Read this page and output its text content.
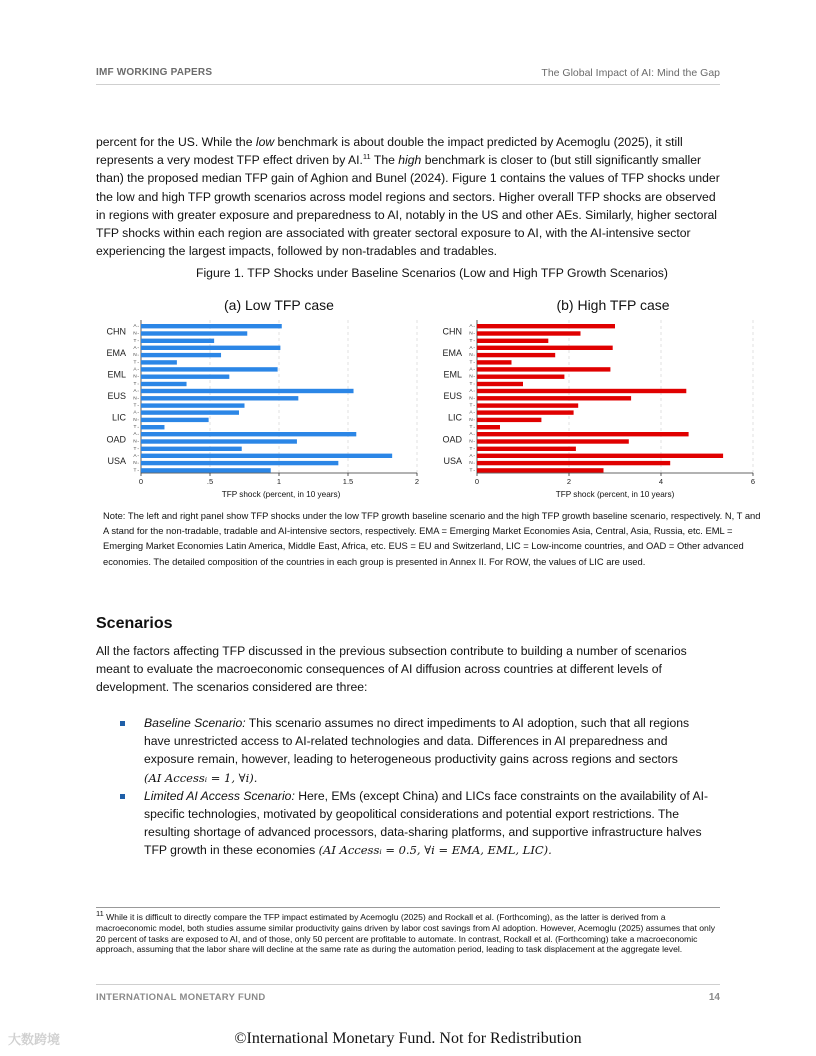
IMF WORKING PAPERS	The Global Impact of AI: Mind the Gap

percent for the US. While the low benchmark is about double the impact predicted by Acemoglu (2025), it still represents a very modest TFP effect driven by AI.$^{11}$ The high benchmark is closer to (but still significantly smaller than) the proposed median TFP gain of Aghion and Bunel (2024). Figure 1 contains the values of TFP shocks under the low and high TFP growth scenarios across model regions and sectors. Higher overall TFP shocks are observed in regions with greater exposure and preparedness to AI, notably in the US and other AEs. Similarly, higher sectoral TFP shocks within each region are associated with greater sectoral exposure to AI, with the AI-intensive sector experiencing the largest impacts, followed by non-tradables and tradables.

Figure 1. TFP Shocks under Baseline Scenarios (Low and High TFP Growth Scenarios)
(a) Low TFP case
0	.5	1	1.5	2
CHN A
N
T
EMA A
N
T
EML A
N
T
EUS A
N
T
LIC A
N
T
OAD A
N
T
USA A
N
T
TFP shock (percent, in 10 years)
(b) High TFP case
0	2	4	6
CHN A
N
T
EMA A
N
T
EML A
N
T
EUS A
N
T
LIC A
N
T
OAD A
N
T
USA A
N
T
TFP shock (percent, in 10 years)
Note: The left and right panel show TFP shocks under the low TFP growth baseline scenario and the high TFP growth baseline scenario, respectively. N, T and A stand for the non-tradable, tradable and AI-intensive sectors, respectively. EMA = Emerging Market Economies Asia, Central, Asia, Russia, etc. EML = Emerging Market Economies Latin America, Middle East, Africa, etc. EUS = EU and Switzerland, LIC = Low-income countries, and OAD = Other advanced economies. The detailed composition of the countries in each group is presented in Annex II. For ROW, the values of LIC are used.
Scenarios

All the factors affecting TFP discussed in the previous subsection contribute to building a number of scenarios meant to evaluate the macroeconomic consequences of AI diffusion across countries at different levels of development. The scenarios considered are three:

Baseline Scenario: This scenario assumes no direct impediments to AI adoption, such that all regions have unrestricted access to AI-related technologies and data. Differences in AI preparedness and exposure remain, however, leading to heterogeneous productivity gains across regions and sectors
(AI Accessᵢ = 1, ∀i).
Limited AI Access Scenario: Here, EMs (except China) and LICs face constraints on the availability of AI-specific technologies, motivated by geopolitical considerations and potential export restrictions. The resulting shortage of advanced processors, data-sharing platforms, and supportive infrastructure halves TFP growth in these economies (AI Accessᵢ = 0.5, ∀i = EMA, EML, LIC).
$^{11}$ While it is difficult to directly compare the TFP impact estimated by Acemoglu (2025) and Rockall et al. (Forthcoming), as the latter is derived from a macroeconomic model, both studies assume similar productivity gains driven by labor cost savings from AI adoption. However, Acemoglu (2025) assumes that only 20 percent of tasks are exposed to AI, and of those, only 50 percent are profitable to automate. In contrast, Rockall et al. (Forthcoming) take a macroeconomic approach, assuming that the labor share will decline at the same rate as during the automation period, leading to task displacement at the aggregate level.
INTERNATIONAL MONETARY FUND	14
大数跨境	©International Monetary Fund. Not for Redistribution
